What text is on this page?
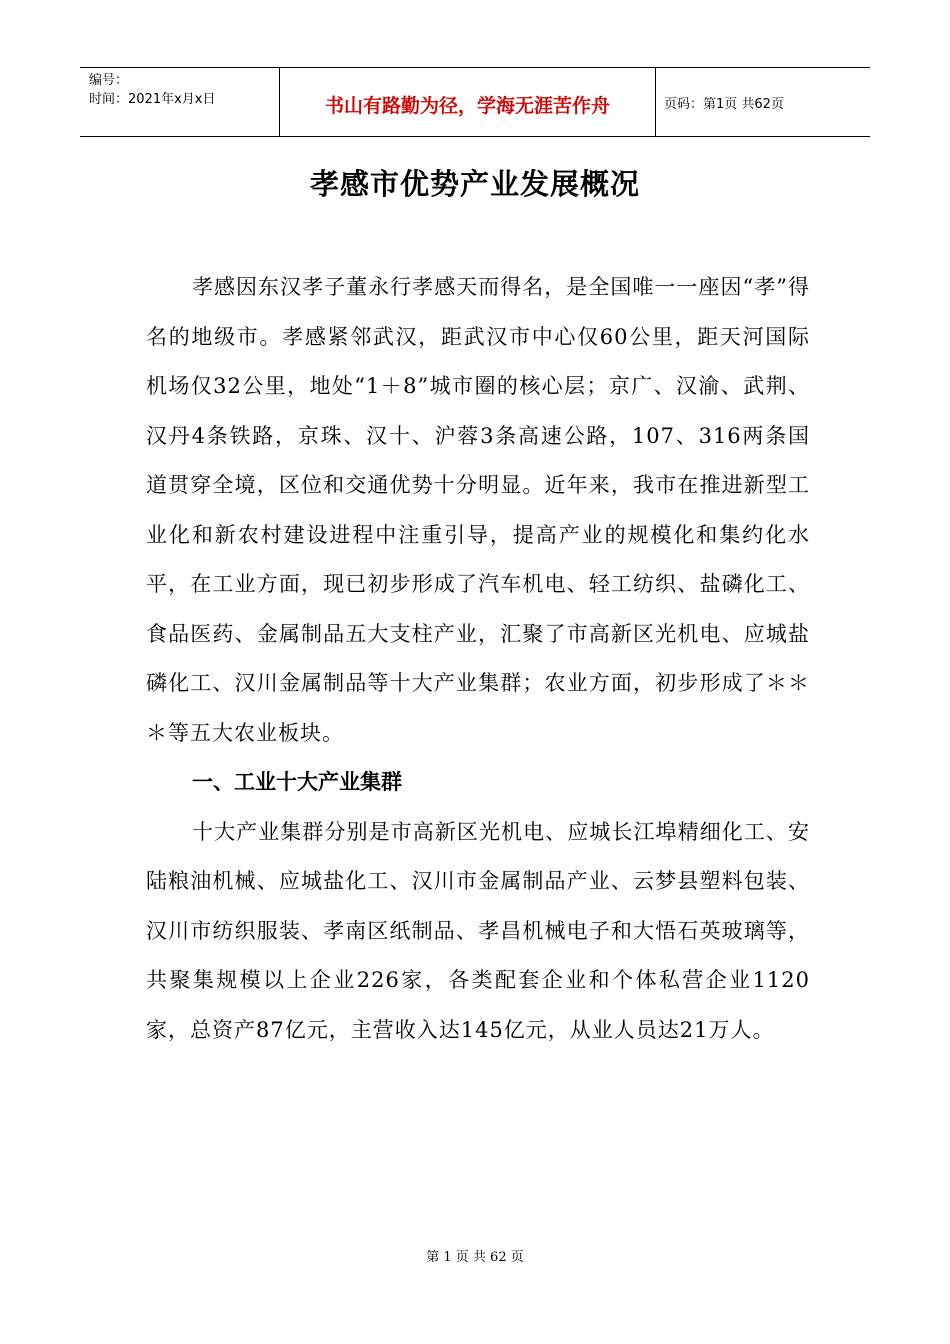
编号：
时间：2021年x月x日	书山有路勤为径，学海无涯苦作舟	页码：第1页 共62页
孝感市优势产业发展概况

孝感因东汉孝子董永行孝感天而得名，是全国唯一一座因“孝”得名的地级市。孝感紧邻武汉，距武汉市中心仅60公里，距天河国际机场仅32公里，地处“1＋8”城市圈的核心层；京广、汉渝、武荆、汉丹4条铁路，京珠、汉十、沪蓉3条高速公路，107、316两条国道贯穿全境，区位和交通优势十分明显。近年来，我市在推进新型工业化和新农村建设进程中注重引导，提高产业的规模化和集约化水平，在工业方面，现已初步形成了汽车机电、轻工纺织、盐磷化工、食品医药、金属制品五大支柱产业，汇聚了市高新区光机电、应城盐磷化工、汉川金属制品等十大产业集群；农业方面，初步形成了＊＊＊等五大农业板块。

一、工业十大产业集群

十大产业集群分别是市高新区光机电、应城长江埠精细化工、安陆粮油机械、应城盐化工、汉川市金属制品产业、云梦县塑料包装、汉川市纺织服装、孝南区纸制品、孝昌机械电子和大悟石英玻璃等，共聚集规模以上企业226家，各类配套企业和个体私营企业1120家，总资产87亿元，主营收入达145亿元，从业人员达21万人。

第 1 页 共 62 页
